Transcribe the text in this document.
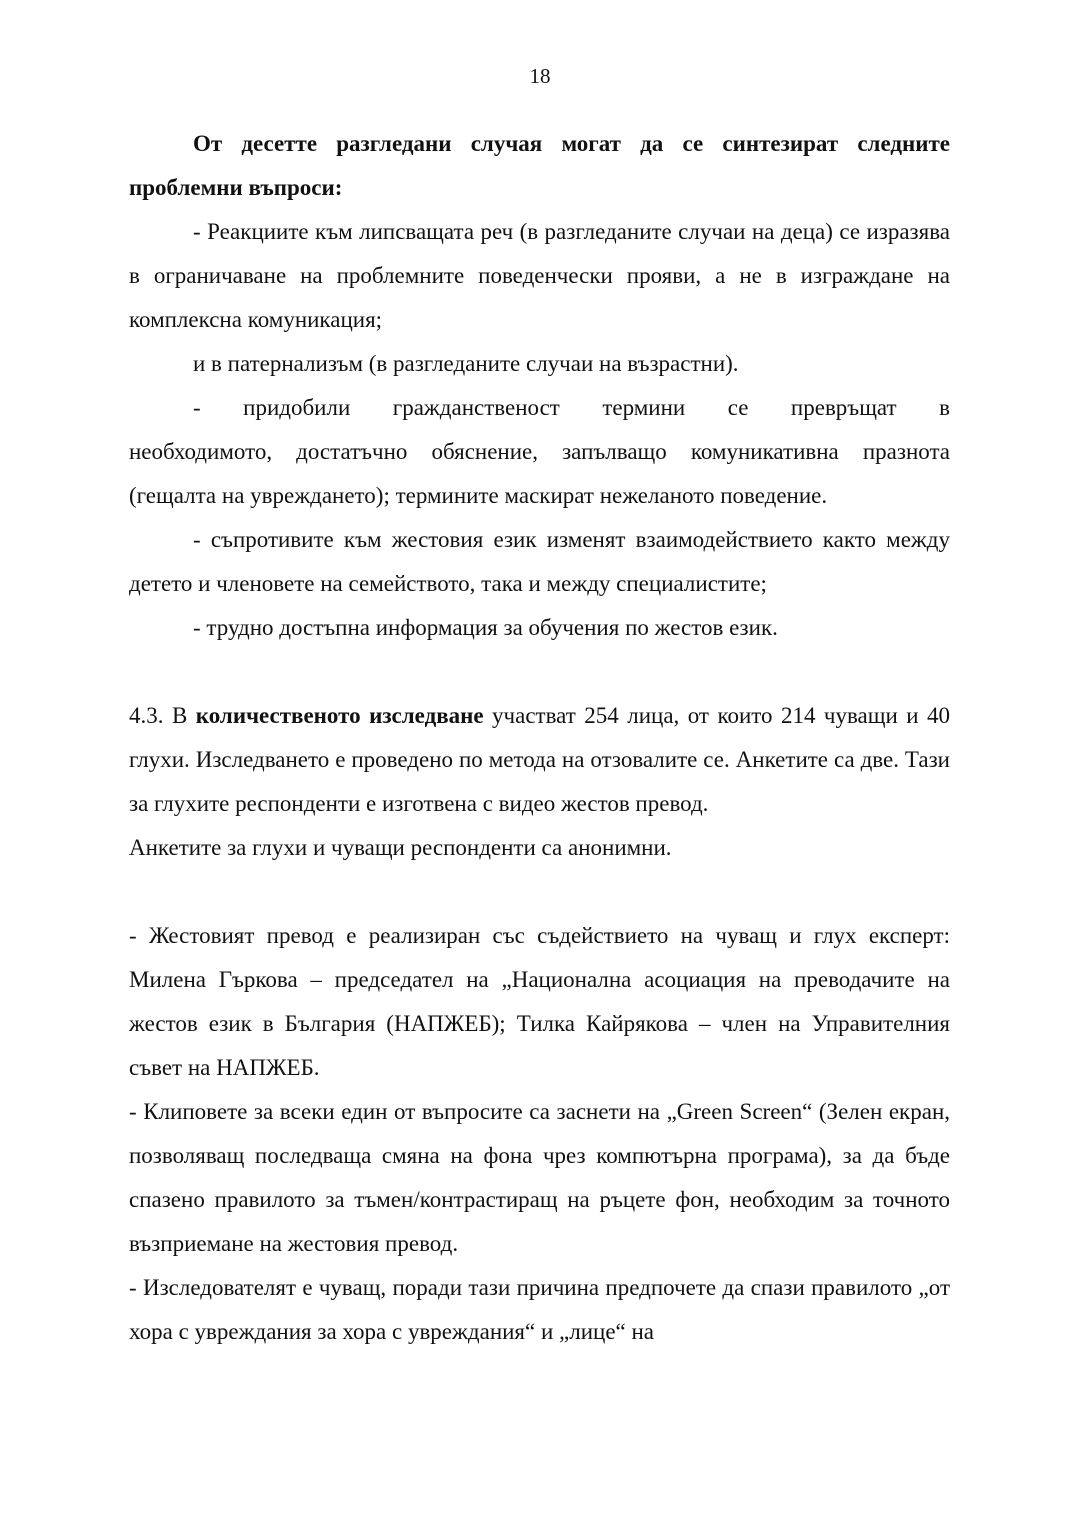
18

От десетте разгледани случая могат да се синтезират следните проблемни въпроси:

- Реакциите към липсващата реч (в разгледаните случаи на деца) се изразява в ограничаване на проблемните поведенчески прояви, а не в изграждане на комплексна комуникация;

и в патернализъм (в разгледаните случаи на възрастни).

- придобили гражданственост термини се превръщат в

необходимото, достатъчно обяснение, запълващо комуникативна празнота (гещалта на увреждането); термините маскират нежеланото поведение.

- съпротивите към жестовия език изменят взаимодействието както между детето и членовете на семейството, така и между специалистите;

- трудно достъпна информация за обучения по жестов език.

4.3. В количественото изследване участват 254 лица, от които 214 чуващи и 40 глухи. Изследването е проведено по метода на отзовалите се. Анкетите са две. Тази за глухите респонденти е изготвена с видео жестов превод.

Анкетите за глухи и чуващи респонденти са анонимни.

- Жестовият превод е реализиран със съдействието на чуващ и глух експерт: Милена Гъркова – председател на „Национална асоциация на преводачите на жестов език в България (НАПЖЕБ); Тилка Кайрякова – член на Управителния съвет на НАПЖЕБ.

- Клиповете за всеки един от въпросите са заснети на „Green Screen“ (Зелен екран, позволяващ последваща смяна на фона чрез компютърна програма), за да бъде спазено правилото за тъмен/контрастиращ на ръцете фон, необходим за точното възприемане на жестовия превод.

- Изследователят е чуващ, поради тази причина предпочете да спази правилото „от хора с увреждания за хора с увреждания“ и „лице“ на
